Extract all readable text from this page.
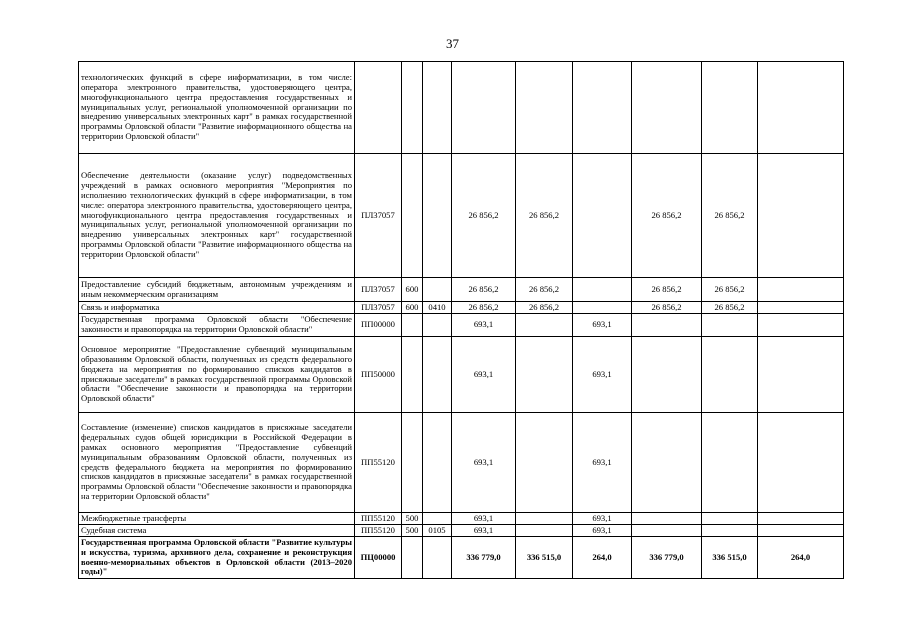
37
технологических функций в сфере информатизации, в том числе: оператора электронного правительства, удостоверяющего центра, многофункционального центра предоставления государственных и муниципальных услуг, региональной уполномоченной организации по внедрению универсальных электронных карт" в рамках государственной программы Орловской области "Развитие информационного общества на территории Орловской области"									
Обеспечение деятельности (оказание услуг) подведомственных учреждений в рамках основного мероприятия "Мероприятия по исполнению технологических функций в сфере информатизации, в том числе: оператора электронного правительства, удостоверяющего центра, многофункционального центра предоставления государственных и муниципальных услуг, региональной уполномоченной организации по внедрению универсальных электронных карт" государственной программы Орловской области "Развитие информационного общества на территории Орловской области"	ПЛ37057			26 856,2	26 856,2		26 856,2	26 856,2	
Предоставление субсидий бюджетным, автономным учреждениям и иным некоммерческим организациям	ПЛ37057	600		26 856,2	26 856,2		26 856,2	26 856,2	
Связь и информатика	ПЛ37057	600	0410	26 856,2	26 856,2		26 856,2	26 856,2	
Государственная программа Орловской области "Обеспечение законности и правопорядка на территории Орловской области"	ПП00000			693,1		693,1			
Основное мероприятие "Предоставление субвенций муниципальным образованиям Орловской области, полученных из средств федерального бюджета на мероприятия по формированию списков кандидатов в присяжные заседатели" в рамках государственной программы Орловской области "Обеспечение законности и правопорядка на территории Орловской области"	ПП50000			693,1		693,1			
Составление (изменение) списков кандидатов в присяжные заседатели федеральных судов общей юрисдикции в Российской Федерации в рамках основного мероприятия "Предоставление субвенций муниципальным образованиям Орловской области, полученных из средств федерального бюджета на мероприятия по формированию списков кандидатов в присяжные заседатели" в рамках государственной программы Орловской области "Обеспечение законности и правопорядка на территории Орловской области"	ПП55120			693,1		693,1			
Межбюджетные трансферты	ПП55120	500		693,1		693,1			
Судебная система	ПП55120	500	0105	693,1		693,1			
Государственная программа Орловской области "Развитие культуры и искусства, туризма, архивного дела, сохранение и реконструкция военно-мемориальных объектов в Орловской области (2013–2020 годы)"	ПЦ00000			336 779,0	336 515,0	264,0	336 779,0	336 515,0	264,0
